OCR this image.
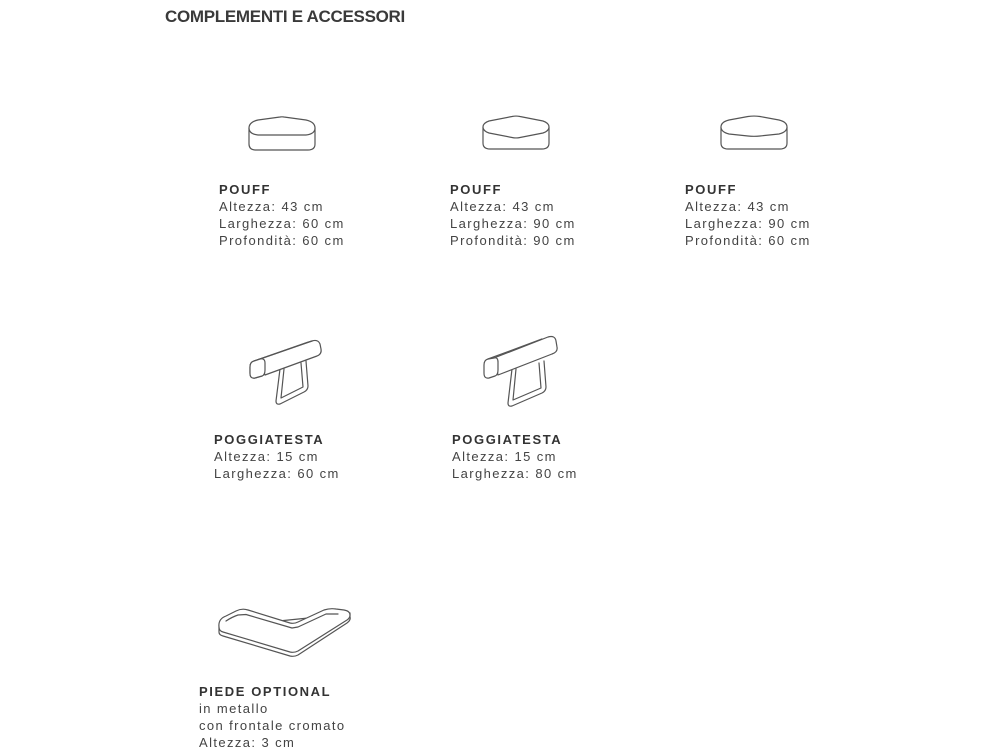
COMPLEMENTI E ACCESSORI
POUFF
Altezza: 43 cm
Larghezza: 60 cm
Profondità: 60 cm
POUFF
Altezza: 43 cm
Larghezza: 90 cm
Profondità: 90 cm
POUFF
Altezza: 43 cm
Larghezza: 90 cm
Profondità: 60 cm
POGGIATESTA
Altezza: 15 cm
Larghezza: 60 cm
POGGIATESTA
Altezza: 15 cm
Larghezza: 80 cm
PIEDE OPTIONAL
in metallo
con frontale cromato
Altezza: 3 cm
